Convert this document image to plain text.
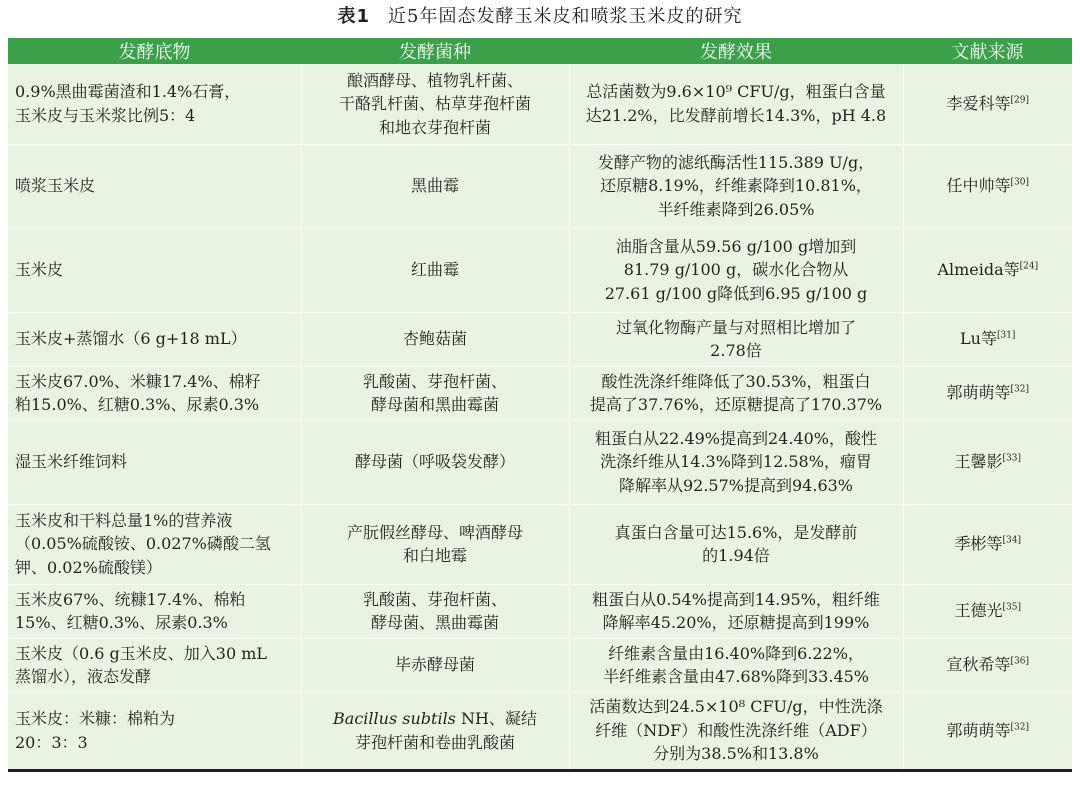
表1 近5年固态发酵玉米皮和喷浆玉米皮的研究
发酵底物	发酵菌种	发酵效果	文献来源
0.9%黑曲霉菌渣和1.4%石膏，
玉米皮与玉米浆比例5：4	酿酒酵母、植物乳杆菌、
干酪乳杆菌、枯草芽孢杆菌
和地衣芽孢杆菌	总活菌数为9.6×10⁹ CFU/g，粗蛋白含量
达21.2%，比发酵前增长14.3%，pH 4.8	李爱科等[29]
喷浆玉米皮	黑曲霉	发酵产物的滤纸酶活性115.389 U/g，
还原糖8.19%，纤维素降到10.81%，
半纤维素降到26.05%	任中帅等[30]
玉米皮	红曲霉	油脂含量从59.56 g/100 g增加到
81.79 g/100 g，碳水化合物从
27.61 g/100 g降低到6.95 g/100 g	Almeida等[24]
玉米皮+蒸馏水（6 g+18 mL）	杏鲍菇菌	过氧化物酶产量与对照相比增加了
2.78倍	Lu等[31]
玉米皮67.0%、米糠17.4%、棉籽
粕15.0%、红糖0.3%、尿素0.3%	乳酸菌、芽孢杆菌、
酵母菌和黑曲霉菌	酸性洗涤纤维降低了30.53%，粗蛋白
提高了37.76%，还原糖提高了170.37%	郭萌萌等[32]
湿玉米纤维饲料	酵母菌（呼吸袋发酵）	粗蛋白从22.49%提高到24.40%，酸性
洗涤纤维从14.3%降到12.58%，瘤胃
降解率从92.57%提高到94.63%	王馨影[33]
玉米皮和干料总量1%的营养液
（0.05%硫酸铵、0.027%磷酸二氢
钾、0.02%硫酸镁）	产朊假丝酵母、啤酒酵母
和白地霉	真蛋白含量可达15.6%，是发酵前
的1.94倍	季彬等[34]
玉米皮67%、统糠17.4%、棉粕
15%、红糖0.3%、尿素0.3%	乳酸菌、芽孢杆菌、
酵母菌、黑曲霉菌	粗蛋白从0.54%提高到14.95%，粗纤维
降解率45.20%，还原糖提高到199%	王德光[35]
玉米皮（0.6 g玉米皮、加入30 mL
蒸馏水），液态发酵	毕赤酵母菌	纤维素含量由16.40%降到6.22%，
半纤维素含量由47.68%降到33.45%	宣秋希等[36]
玉米皮：米糠：棉粕为
20：3：3	Bacillus subtils NH、凝结
芽孢杆菌和卷曲乳酸菌	活菌数达到24.5×10⁸ CFU/g，中性洗涤
纤维（NDF）和酸性洗涤纤维（ADF）
分别为38.5%和13.8%	郭萌萌等[32]
